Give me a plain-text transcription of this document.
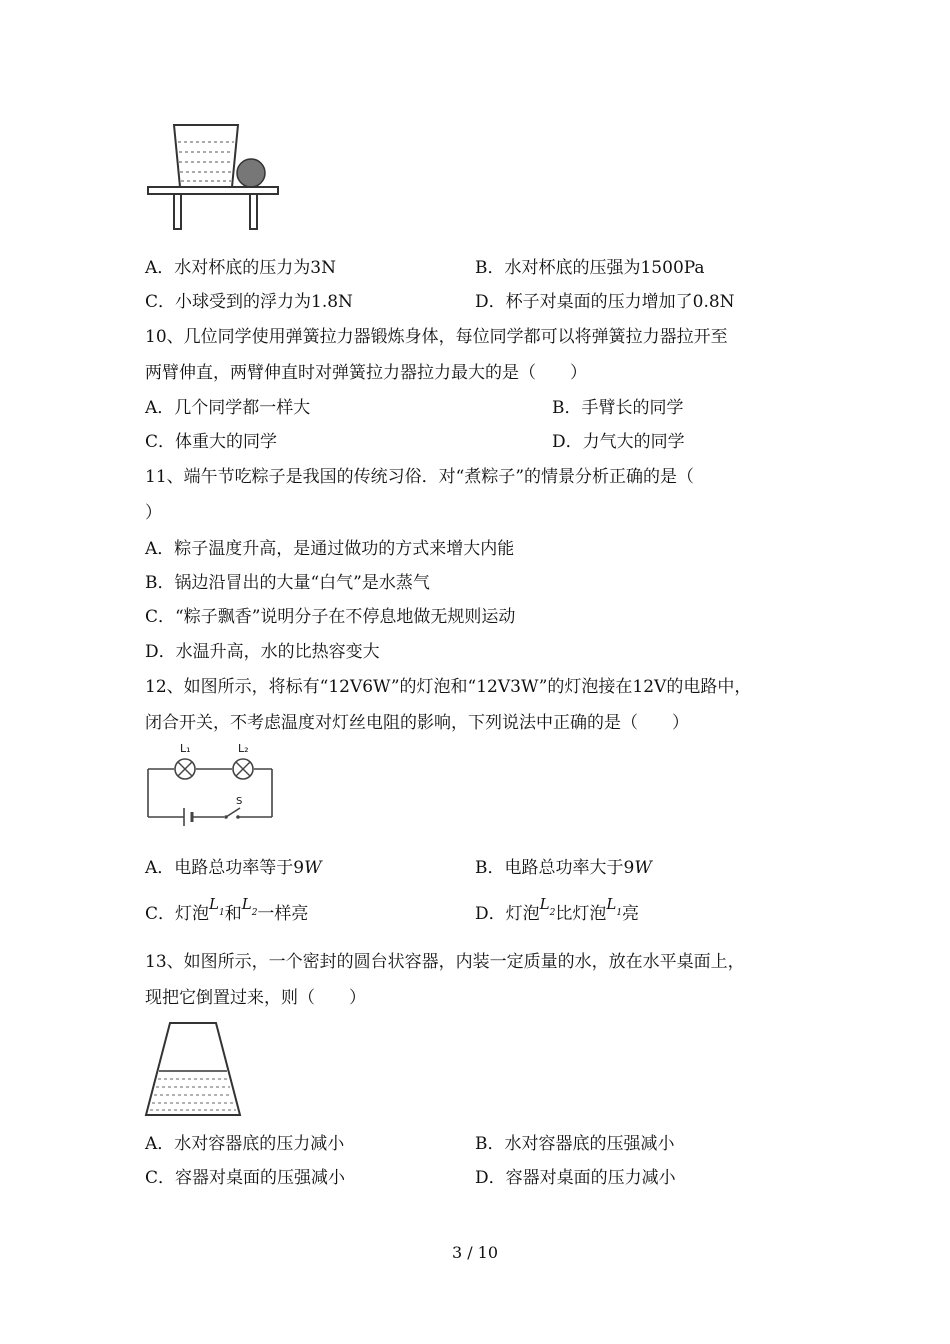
A．水对杯底的压力为3N	B．水对杯底的压强为1500Pa
C．小球受到的浮力为1.8N	D．杯子对桌面的压力增加了0.8N
10、几位同学使用弹簧拉力器锻炼身体，每位同学都可以将弹簧拉力器拉开至
两臂伸直，两臂伸直时对弹簧拉力器拉力最大的是（　　）
A．几个同学都一样大	B．手臂长的同学
C．体重大的同学	D．力气大的同学
11、端午节吃粽子是我国的传统习俗．对“煮粽子”的情景分析正确的是（
）
A．粽子温度升高，是通过做功的方式来增大内能
B．锅边沿冒出的大量“白气”是水蒸气
C．“粽子飘香”说明分子在不停息地做无规则运动
D．水温升高，水的比热容变大
12、如图所示，将标有“12V6W”的灯泡和“12V3W”的灯泡接在12V的电路中，
闭合开关，不考虑温度对灯丝电阻的影响，下列说法中正确的是（　　）
L₁	L₂
S
A．电路总功率等于9W	B．电路总功率大于9W
C．灯泡$L^1$和$L^2$一样亮	D．灯泡$L^2$比灯泡$L^1$亮
13、如图所示，一个密封的圆台状容器，内装一定质量的水，放在水平桌面上，
现把它倒置过来，则（　　）
A．水对容器底的压力减小	B．水对容器底的压强减小
C．容器对桌面的压强减小	D．容器对桌面的压力减小
3 / 10
